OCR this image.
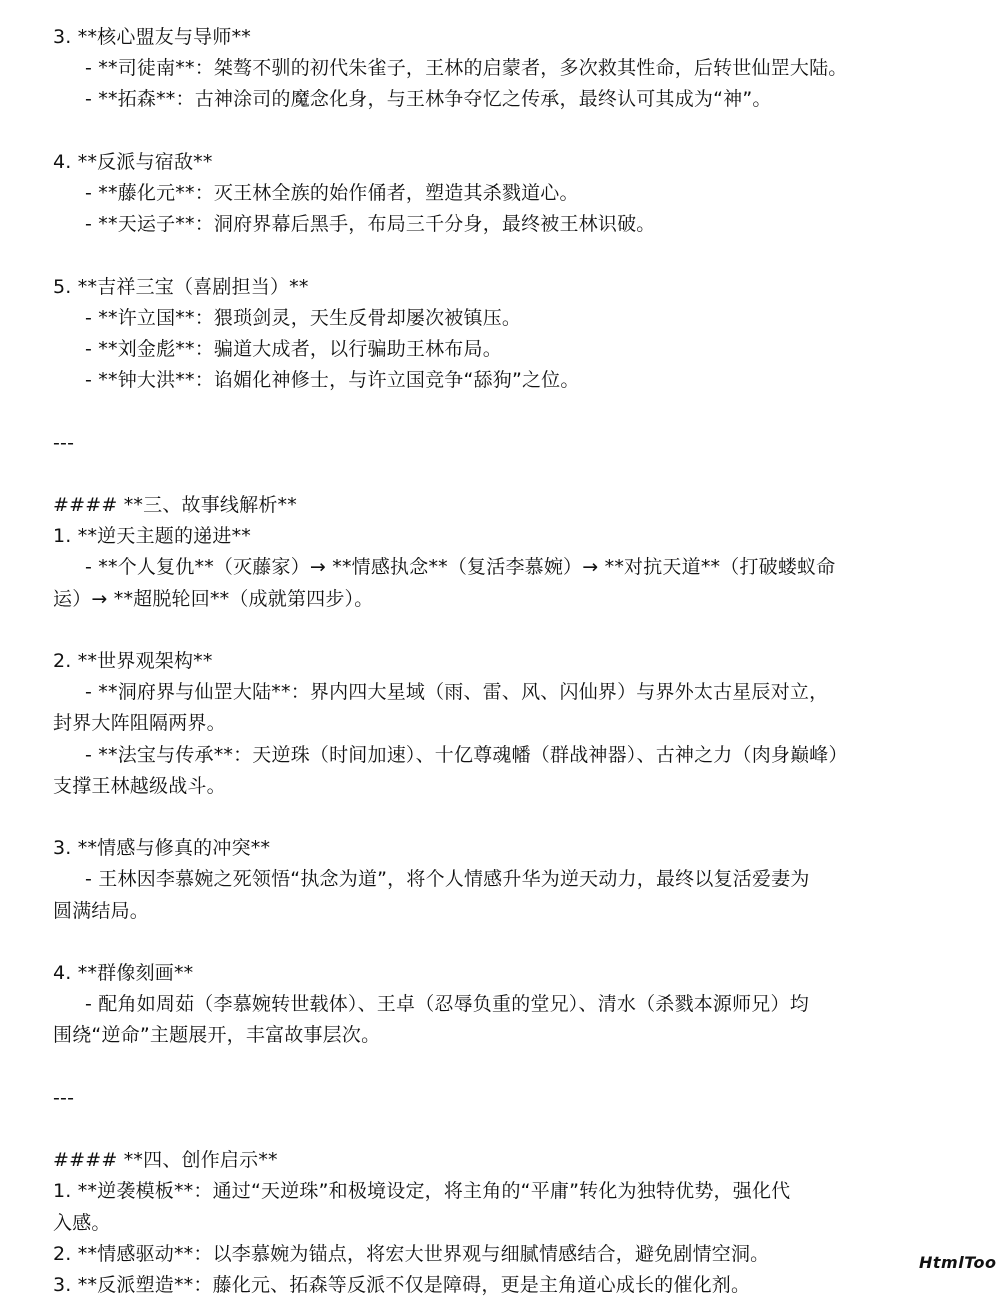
3. **核心盟友与导师**
- **司徒南**：桀骜不驯的初代朱雀子，王林的启蒙者，多次救其性命，后转世仙罡大陆。
- **拓森**：古神涂司的魔念化身，与王林争夺忆之传承，最终认可其成为“神”。
4. **反派与宿敌**
- **藤化元**：灭王林全族的始作俑者，塑造其杀戮道心。
- **天运子**：洞府界幕后黑手，布局三千分身，最终被王林识破。
5. **吉祥三宝（喜剧担当）**
- **许立国**：猥琐剑灵，天生反骨却屡次被镇压。
- **刘金彪**：骗道大成者，以行骗助王林布局。
- **钟大洪**：谄媚化神修士，与许立国竞争“舔狗”之位。
---
#### **三、故事线解析**
1. **逆天主题的递进**
- **个人复仇**（灭藤家）→ **情感执念**（复活李慕婉）→ **对抗天道**（打破蝼蚁命
运）→ **超脱轮回**（成就第四步）。
2. **世界观架构**
- **洞府界与仙罡大陆**：界内四大星域（雨、雷、风、闪仙界）与界外太古星辰对立，
封界大阵阻隔两界。
- **法宝与传承**：天逆珠（时间加速）、十亿尊魂幡（群战神器）、古神之力（肉身巅峰）
支撑王林越级战斗。
3. **情感与修真的冲突**
- 王林因李慕婉之死领悟“执念为道”，将个人情感升华为逆天动力，最终以复活爱妻为
圆满结局。
4. **群像刻画**
- 配角如周茹（李慕婉转世载体）、王卓（忍辱负重的堂兄）、清水（杀戮本源师兄）均
围绕“逆命”主题展开，丰富故事层次。
---
#### **四、创作启示**
1. **逆袭模板**：通过“天逆珠”和极境设定，将主角的“平庸”转化为独特优势，强化代
入感。
2. **情感驱动**：以李慕婉为锚点，将宏大世界观与细腻情感结合，避免剧情空洞。
3. **反派塑造**：藤化元、拓森等反派不仅是障碍，更是主角道心成长的催化剂。
HtmlToo
